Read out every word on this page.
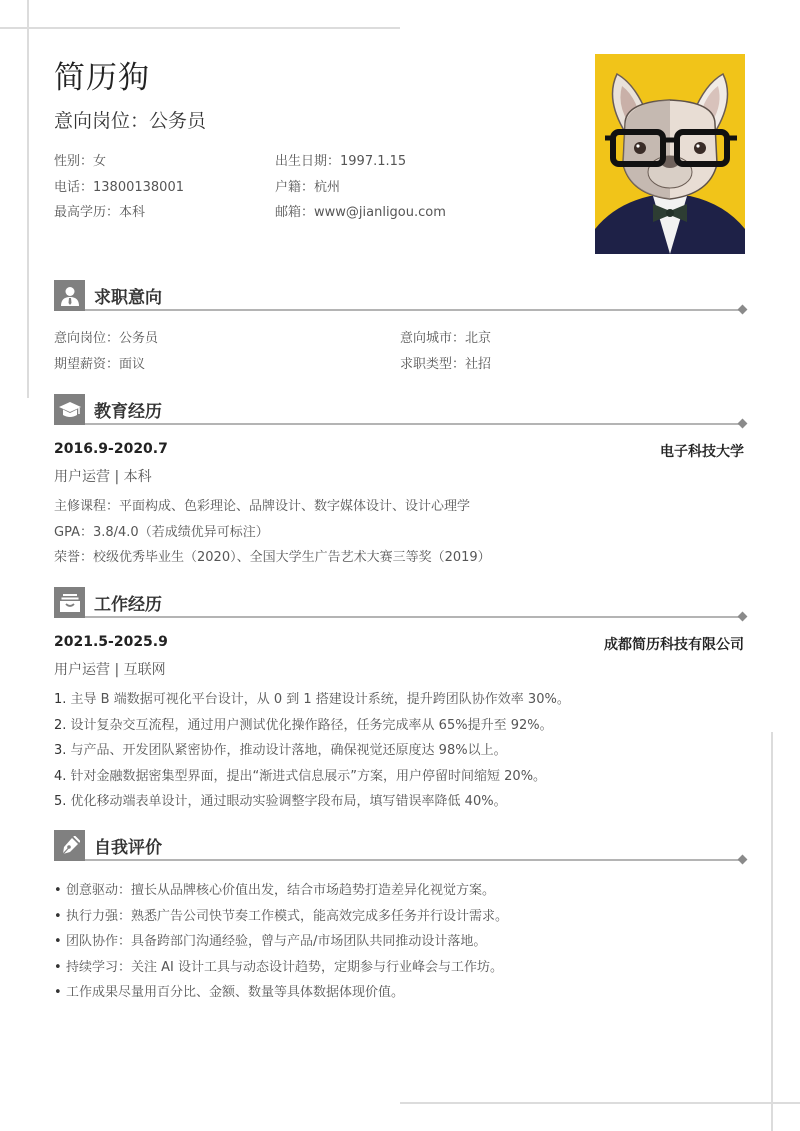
简历狗
意向岗位：公务员
性别：女	出生日期：1997.1.15
电话：13800138001	户籍：杭州
最高学历：本科	邮箱：www@jianligou.com
求职意向
意向岗位：公务员	意向城市：北京
期望薪资：面议	求职类型：社招
教育经历
2016.9-2020.7	电子科技大学
用户运营 | 本科
主修课程：平面构成、色彩理论、品牌设计、数字媒体设计、设计心理学
GPA：3.8/4.0（若成绩优异可标注）
荣誉：校级优秀毕业生（2020）、全国大学生广告艺术大赛三等奖（2019）
工作经历
2021.5-2025.9	成都简历科技有限公司
用户运营 | 互联网
1. 主导 B 端数据可视化平台设计，从 0 到 1 搭建设计系统，提升跨团队协作效率 30%。
2. 设计复杂交互流程，通过用户测试优化操作路径，任务完成率从 65%提升至 92%。
3. 与产品、开发团队紧密协作，推动设计落地，确保视觉还原度达 98%以上。
4. 针对金融数据密集型界面，提出“渐进式信息展示”方案，用户停留时间缩短 20%。
5. 优化移动端表单设计，通过眼动实验调整字段布局，填写错误率降低 40%。
自我评价
• 创意驱动：擅长从品牌核心价值出发，结合市场趋势打造差异化视觉方案。
• 执行力强：熟悉广告公司快节奏工作模式，能高效完成多任务并行设计需求。
• 团队协作：具备跨部门沟通经验，曾与产品/市场团队共同推动设计落地。
• 持续学习：关注 AI 设计工具与动态设计趋势，定期参与行业峰会与工作坊。
• 工作成果尽量用百分比、金额、数量等具体数据体现价值。
